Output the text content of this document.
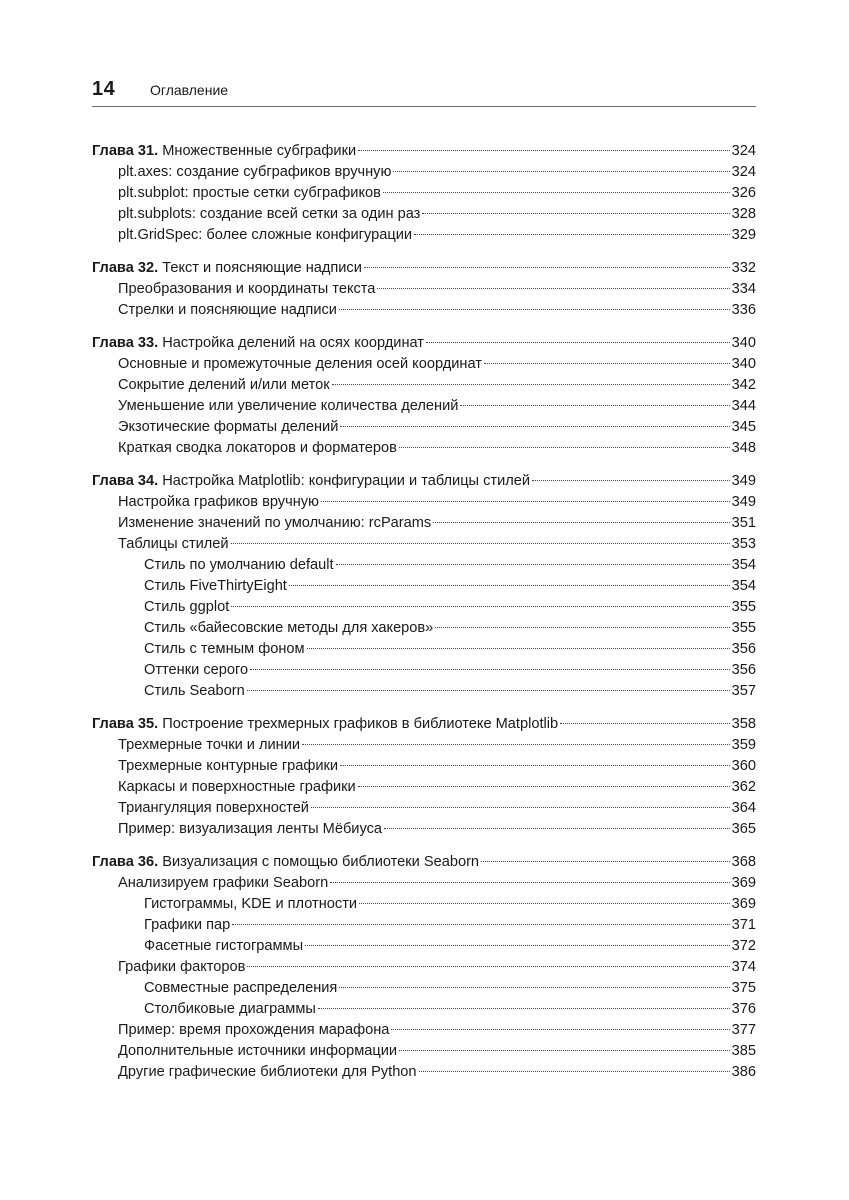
14 Оглавление
Глава 31. Множественные субграфики	324
plt.axes: создание субграфиков вручную	324
plt.subplot: простые сетки субграфиков	326
plt.subplots: создание всей сетки за один раз	328
plt.GridSpec: более сложные конфигурации	329
Глава 32. Текст и поясняющие надписи	332
Преобразования и координаты текста	334
Стрелки и поясняющие надписи	336
Глава 33. Настройка делений на осях координат	340
Основные и промежуточные деления осей координат	340
Сокрытие делений и/или меток	342
Уменьшение или увеличение количества делений	344
Экзотические форматы делений	345
Краткая сводка локаторов и форматеров	348
Глава 34. Настройка Matplotlib: конфигурации и таблицы стилей	349
Настройка графиков вручную	349
Изменение значений по умолчанию: rcParams	351
Таблицы стилей	353
Стиль по умолчанию default	354
Стиль FiveThirtyEight	354
Стиль ggplot	355
Стиль «байесовские методы для хакеров»	355
Стиль с темным фоном	356
Оттенки серого	356
Стиль Seaborn	357
Глава 35. Построение трехмерных графиков в библиотеке Matplotlib	358
Трехмерные точки и линии	359
Трехмерные контурные графики	360
Каркасы и поверхностные графики	362
Триангуляция поверхностей	364
Пример: визуализация ленты Мёбиуса	365
Глава 36. Визуализация с помощью библиотеки Seaborn	368
Анализируем графики Seaborn	369
Гистограммы, KDE и плотности	369
Графики пар	371
Фасетные гистограммы	372
Графики факторов	374
Совместные распределения	375
Столбиковые диаграммы	376
Пример: время прохождения марафона	377
Дополнительные источники информации	385
Другие графические библиотеки для Python	386
